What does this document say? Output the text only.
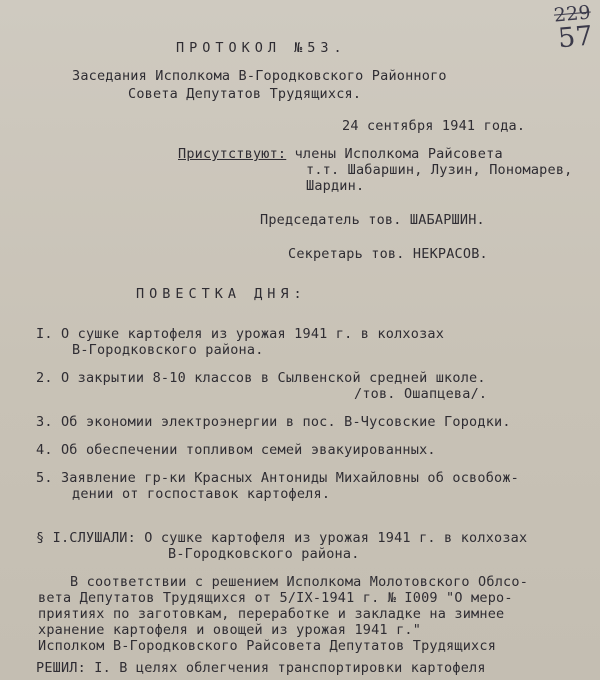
229
57
ПРОТОКОЛ №53.
Заседания Исполкома В-Городковского Районного
Совета Депутатов Трудящихся.
24 сентября 1941 года.
Присутствуют: члены Исполкома Райсовета
т.т. Шабаршин, Лузин, Пономарев,
Шардин.
Председатель тов. ШАБАРШИН.
Секретарь тов. НЕКРАСОВ.
ПОВЕСТКА ДНЯ:
I. О сушке картофеля из урожая 1941 г. в колхозах
В-Городковского района.
2. О закрытии 8-10 классов в Сылвенской средней школе.
/тов. Ошапцева/.
3. Об экономии электроэнергии в пос. В-Чусовские Городки.
4. Об обеспечении топливом семей эвакуированных.
5. Заявление гр-ки Красных Антониды Михайловны об освобож-
дении от госпоставок картофеля.
§ I.СЛУШАЛИ: О сушке картофеля из урожая 1941 г. в колхозах
В-Городковского района.
В соответствии с решением Исполкома Молотовского Облсо-
вета Депутатов Трудящихся от 5/IX-1941 г. № I009 "О меро-
приятиях по заготовкам, переработке и закладке на зимнее
хранение картофеля и овощей из урожая 1941 г."
Исполком В-Городковского Райсовета Депутатов Трудящихся
РЕШИЛ: I. В целях облегчения транспортировки картофеля
